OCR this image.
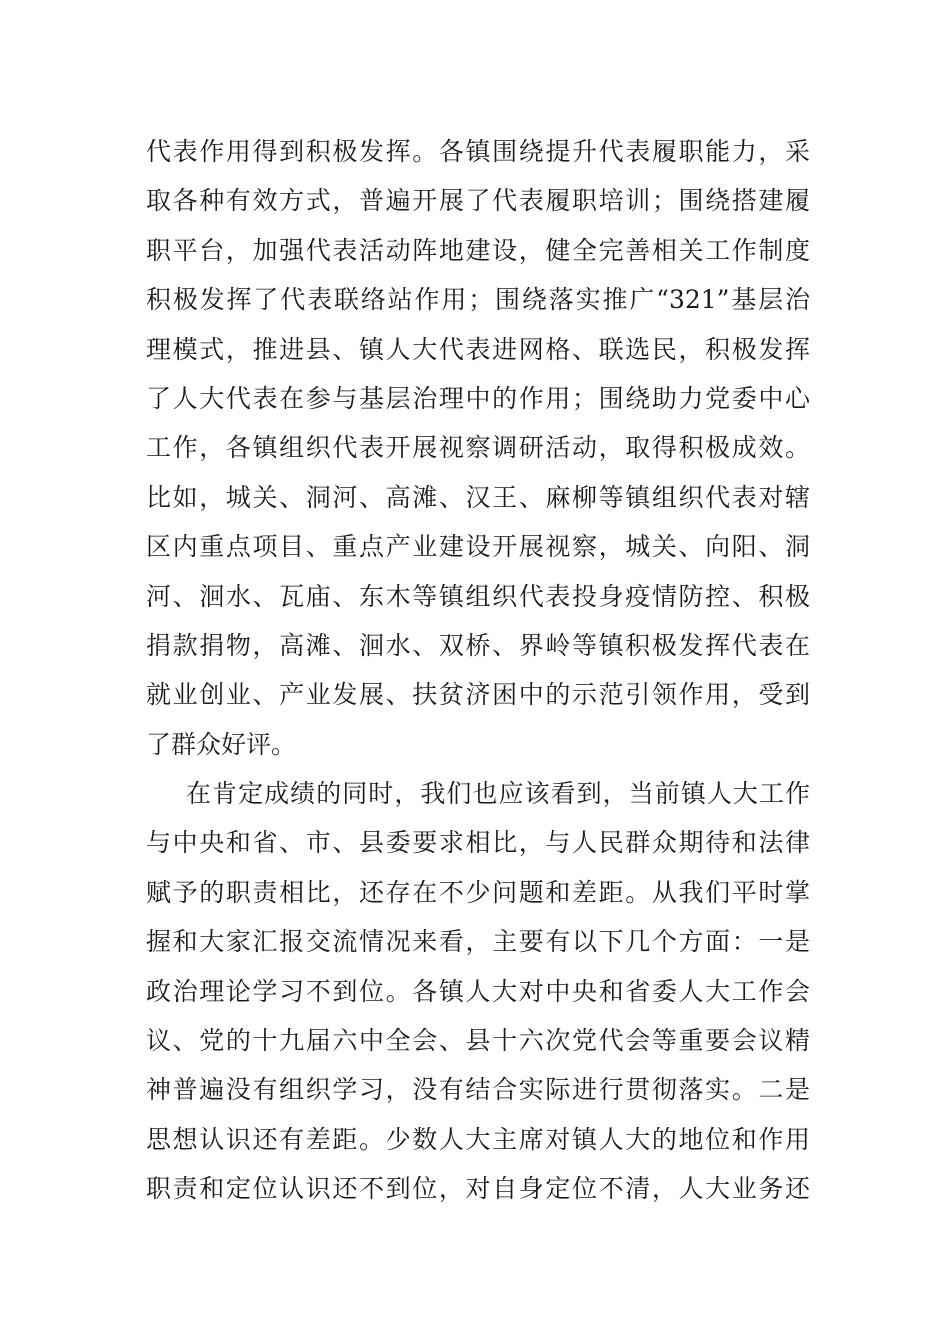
代表作用得到积极发挥。各镇围绕提升代表履职能力，采
取各种有效方式，普遍开展了代表履职培训；围绕搭建履
职平台，加强代表活动阵地建设，健全完善相关工作制度
积极发挥了代表联络站作用；围绕落实推广“321”基层治
理模式，推进县、镇人大代表进网格、联选民，积极发挥
了人大代表在参与基层治理中的作用；围绕助力党委中心
工作，各镇组织代表开展视察调研活动，取得积极成效。
比如，城关、洞河、高滩、汉王、麻柳等镇组织代表对辖
区内重点项目、重点产业建设开展视察，城关、向阳、洞
河、洄水、瓦庙、东木等镇组织代表投身疫情防控、积极
捐款捐物，高滩、洄水、双桥、界岭等镇积极发挥代表在
就业创业、产业发展、扶贫济困中的示范引领作用，受到
了群众好评。
在肯定成绩的同时，我们也应该看到，当前镇人大工作
与中央和省、市、县委要求相比，与人民群众期待和法律
赋予的职责相比，还存在不少问题和差距。从我们平时掌
握和大家汇报交流情况来看，主要有以下几个方面：一是
政治理论学习不到位。各镇人大对中央和省委人大工作会
议、党的十九届六中全会、县十六次党代会等重要会议精
神普遍没有组织学习，没有结合实际进行贯彻落实。二是
思想认识还有差距。少数人大主席对镇人大的地位和作用
职责和定位认识还不到位，对自身定位不清，人大业务还
